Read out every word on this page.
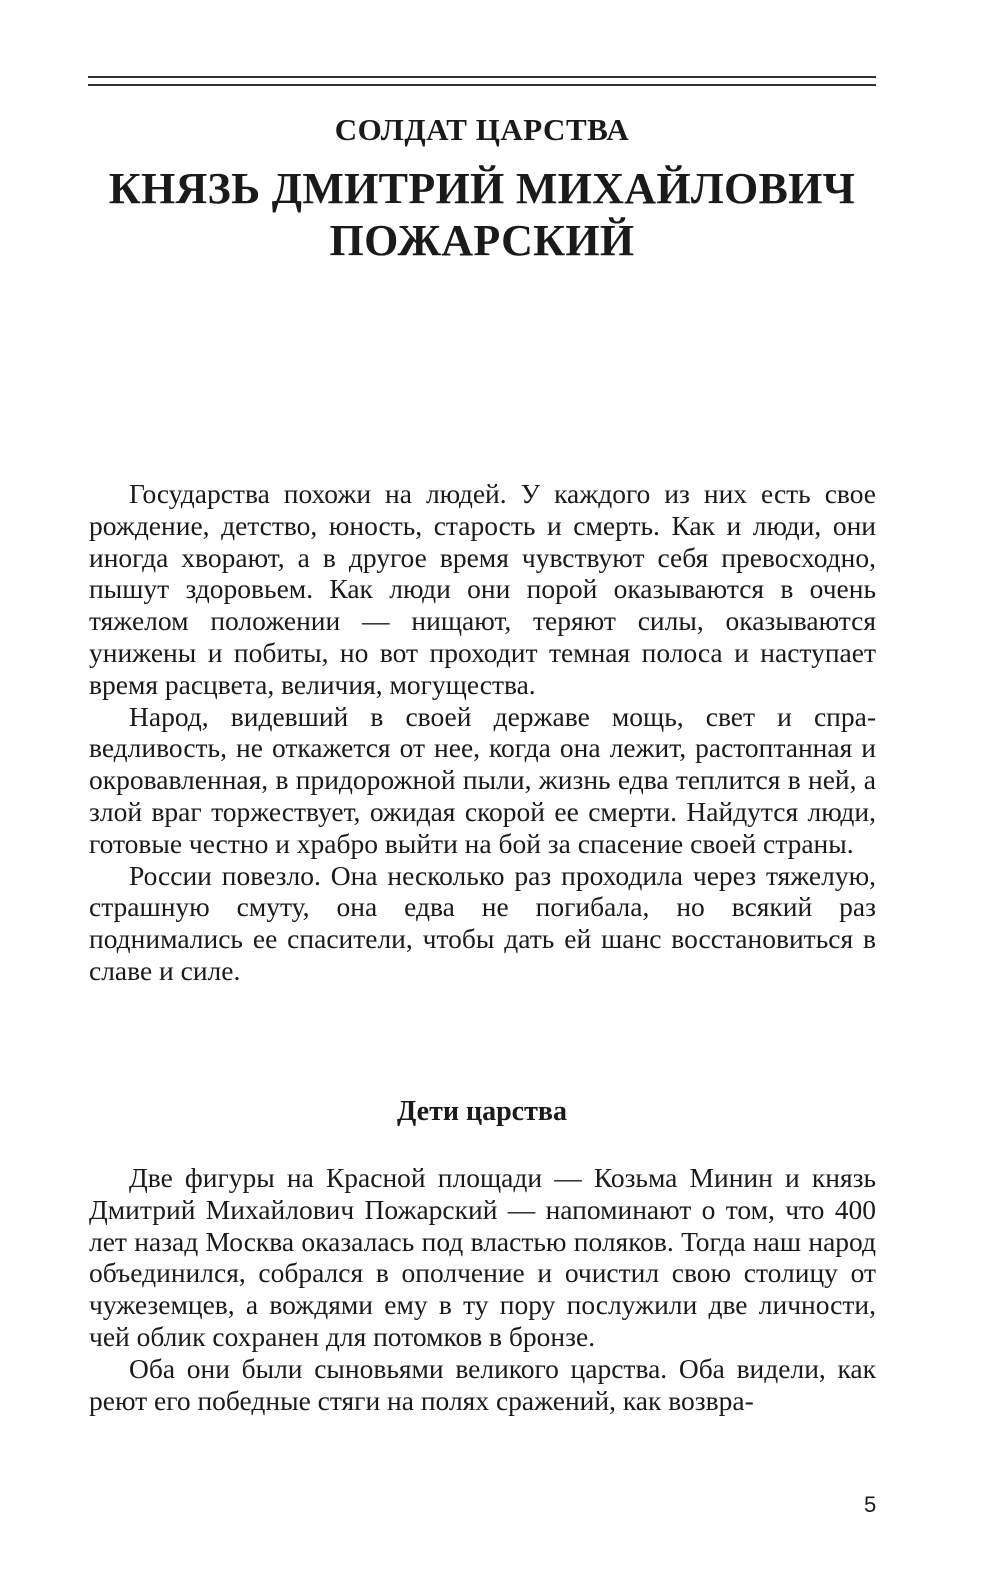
СОЛДАТ ЦАРСТВА
КНЯЗЬ ДМИТРИЙ МИХАЙЛОВИЧ
ПОЖАРСКИЙ

Государства похожи на людей. У каждого из них есть свое рождение, детство, юность, старость и смерть. Как и люди, они иногда хворают, а в другое время чувствуют себя превосходно, пышут здоровьем. Как люди они порой оказываются в очень тяжелом положении — нищают, теряют силы, оказываются унижены и побиты, но вот проходит темная полоса и наступает время расцвета, величия, могущества.

Народ, видевший в своей державе мощь, свет и справедливость, не откажется от нее, когда она лежит, растоптанная и окровавленная, в придорожной пыли, жизнь едва теплится в ней, а злой враг торжествует, ожидая скорой ее смерти. Найдутся люди, готовые честно и храбро выйти на бой за спасение своей страны.

России повезло. Она несколько раз проходила через тяжелую, страшную смуту, она едва не погибала, но всякий раз поднимались ее спасители, чтобы дать ей шанс восстановиться в славе и силе.

Дети царства

Две фигуры на Красной площади — Козьма Минин и князь Дмитрий Михайлович Пожарский — напоминают о том, что 400 лет назад Москва оказалась под властью поляков. Тогда наш народ объединился, собрался в ополчение и очистил свою столицу от чужеземцев, а вождями ему в ту пору послужили две личности, чей облик сохранен для потомков в бронзе.

Оба они были сыновьями великого царства. Оба видели, как реют его победные стяги на полях сражений, как возвра-

5
